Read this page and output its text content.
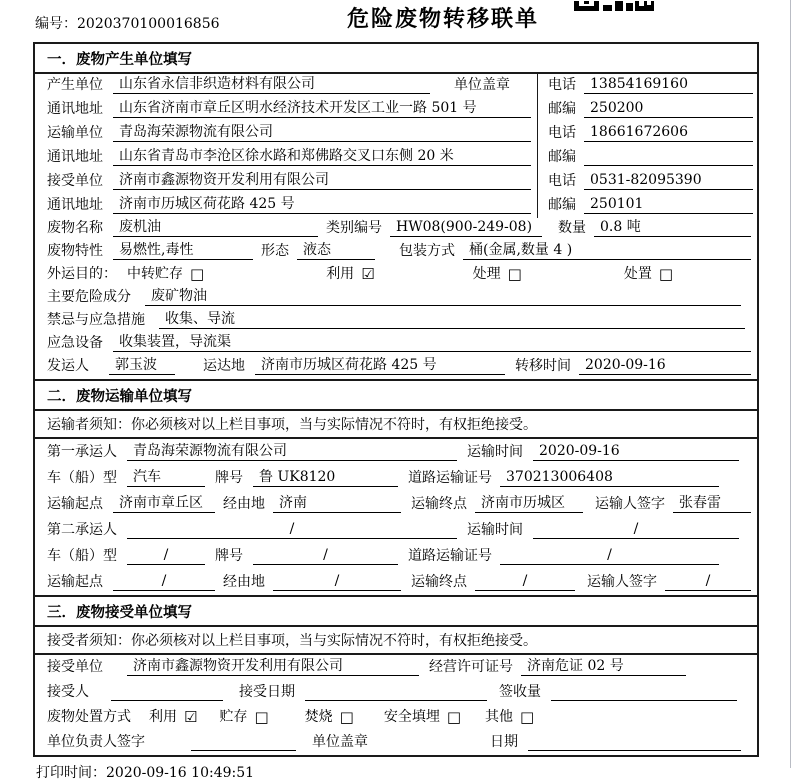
编号：2020370100016856	危险废物转移联单
一．废物产生单位填写
产生单位	山东省永信非织造材料有限公司	单位盖章	电话	13854169160
通讯地址	山东省济南市章丘区明水经济技术开发区工业一路 501 号	邮编	250200
运输单位	青岛海荣源物流有限公司	电话	18661672606
通讯地址	山东省青岛市李沧区徐水路和郑佛路交叉口东侧 20 米	邮编
接受单位	济南市鑫源物资开发利用有限公司	电话	0531-82095390
通讯地址	济南市历城区荷花路 425 号	邮编	250101
废物名称	废机油	类别编号	HW08(900-249-08)	数量	0.8 吨
废物特性	易燃性,毒性	形态	液态	包装方式	桶(金属,数量 4 )
外运目的： 中转贮存 □	利用 ☑	处理 □	处置 □
主要危险成分	废矿物油
禁忌与应急措施	收集、导流
应急设备	收集装置，导流渠
发运人	郭玉波	运达地	济南市历城区荷花路 425 号	转移时间	2020-09-16
二．废物运输单位填写
运输者须知：你必须核对以上栏目事项，当与实际情况不符时，有权拒绝接受。
第一承运人	青岛海荣源物流有限公司	运输时间	2020-09-16
车（船）型	汽车	牌号	鲁 UK8120	道路运输证号	370213006408
运输起点	济南市章丘区	经由地	济南	运输终点	济南市历城区	运输人签字	张春雷
第二承运人	/	运输时间	/
车（船）型	/	牌号	/	道路运输证号	/
运输起点	/	经由地	/	运输终点	/	运输人签字	/
三．废物接受单位填写
接受者须知：你必须核对以上栏目事项，当与实际情况不符时，有权拒绝接受。
接受单位	济南市鑫源物资开发利用有限公司	经营许可证号	济南危证 02 号
接受人	接受日期	签收量
废物处置方式 利用 ☑ 贮存 □	焚烧 □ 安全填埋 □ 其他 □
单位负责人签字	单位盖章	日期
打印时间：2020-09-16 10:49:51
